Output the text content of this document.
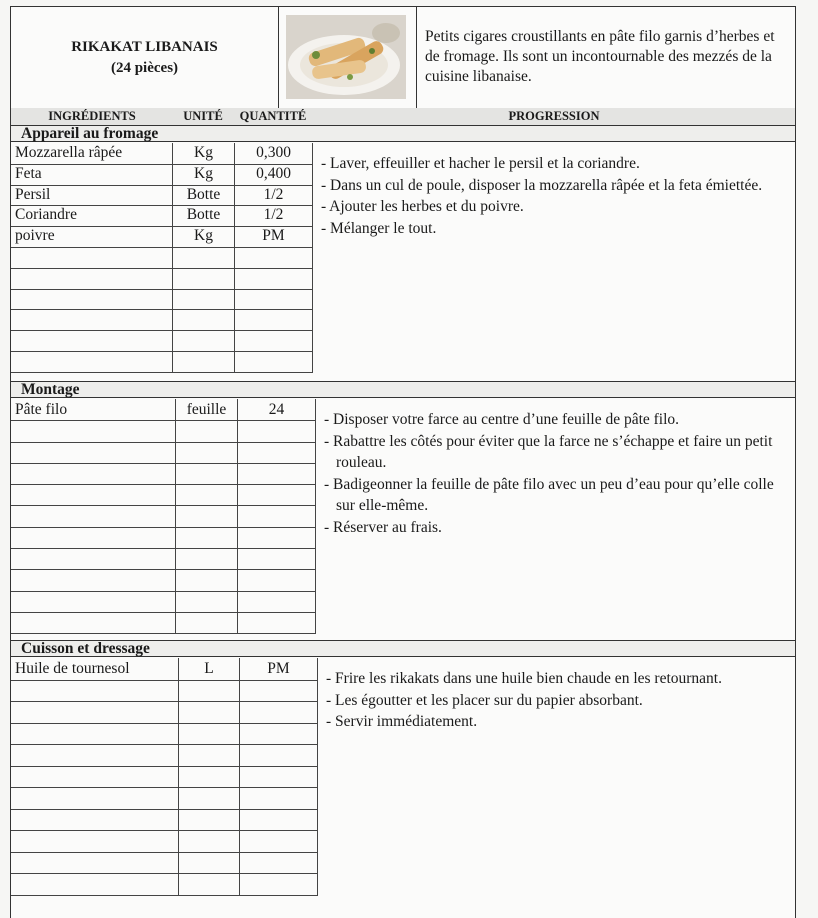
RIKAKAT LIBANAIS
(24 pièces)
Petits cigares croustillants en pâte filo garnis d’herbes et de fromage. Ils sont un incontournable des mezzés de la cuisine libanaise.
INGRÉDIENTS	UNITÉ	QUANTITÉ	PROGRESSION
Appareil au fromage
Mozzarella râpée	Kg	0,300
Feta	Kg	0,400
Persil	Botte	1/2
Coriandre	Botte	1/2
poivre	Kg	PM
- Laver, effeuiller et hacher le persil et la coriandre.
- Dans un cul de poule, disposer la mozzarella râpée et la feta émiettée.
- Ajouter les herbes et du poivre.
- Mélanger le tout.
Montage
Pâte filo	feuille	24
- Disposer votre farce au centre d’une feuille de pâte filo.
- Rabattre les côtés pour éviter que la farce ne s’échappe et faire un petit rouleau.
- Badigeonner la feuille de pâte filo avec un peu d’eau pour qu’elle colle sur elle-même.
- Réserver au frais.
Cuisson et dressage
Huile de tournesol	L	PM
- Frire les rikakats dans une huile bien chaude en les retournant.
- Les égoutter et les placer sur du papier absorbant.
- Servir immédiatement.
